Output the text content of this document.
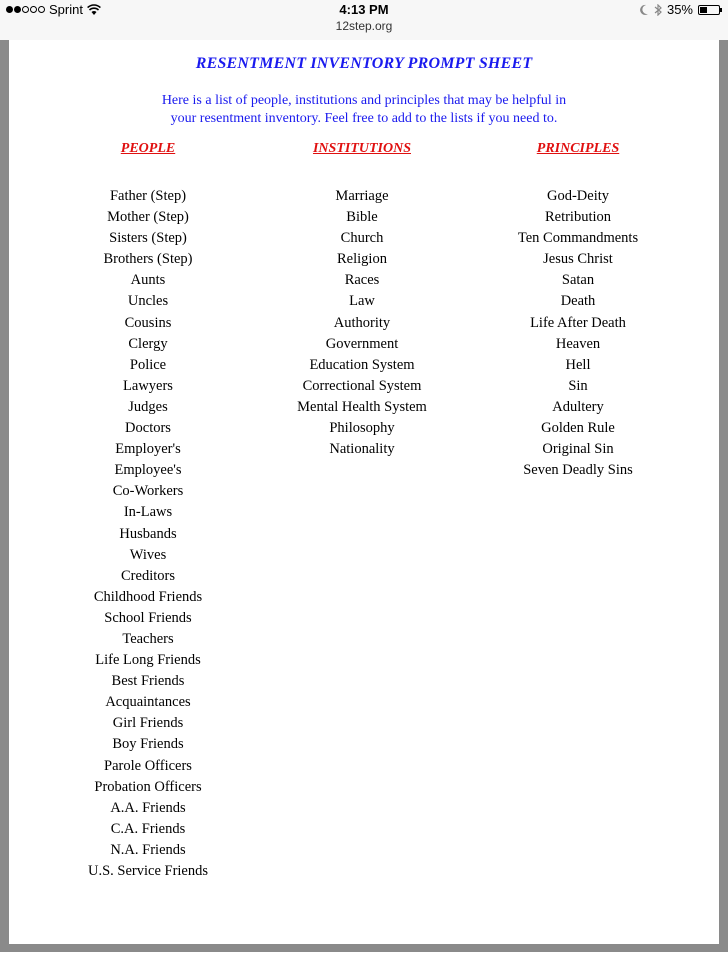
Sprint	4:13 PM
12step.org
35%
RESENTMENT INVENTORY PROMPT SHEET
Here is a list of people, institutions and principles that may be helpful in
your resentment inventory. Feel free to add to the lists if you need to.
PEOPLE
Father (Step)
Mother (Step)
Sisters (Step)
Brothers (Step)
Aunts
Uncles
Cousins
Clergy
Police
Lawyers
Judges
Doctors
Employer's
Employee's
Co-Workers
In-Laws
Husbands
Wives
Creditors
Childhood Friends
School Friends
Teachers
Life Long Friends
Best Friends
Acquaintances
Girl Friends
Boy Friends
Parole Officers
Probation Officers
A.A. Friends
C.A. Friends
N.A. Friends
U.S. Service Friends
INSTITUTIONS
Marriage
Bible
Church
Religion
Races
Law
Authority
Government
Education System
Correctional System
Mental Health System
Philosophy
Nationality
PRINCIPLES
God-Deity
Retribution
Ten Commandments
Jesus Christ
Satan
Death
Life After Death
Heaven
Hell
Sin
Adultery
Golden Rule
Original Sin
Seven Deadly Sins
